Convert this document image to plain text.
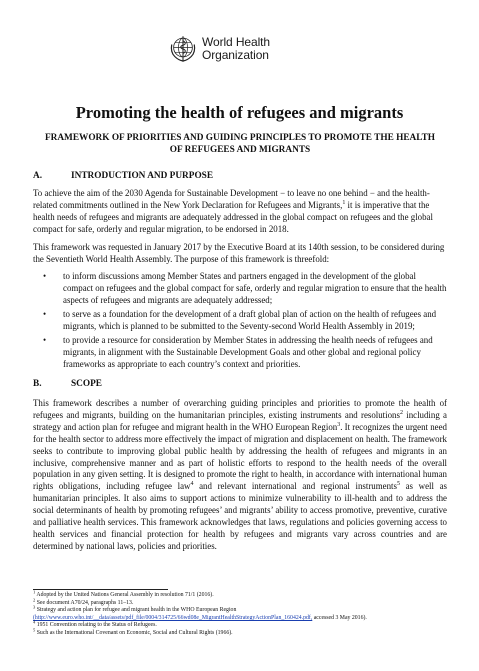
World Health
Organization
Promoting the health of refugees and migrants
FRAMEWORK OF PRIORITIES AND GUIDING PRINCIPLES TO PROMOTE THE HEALTH
OF REFUGEES AND MIGRANTS
A.	INTRODUCTION AND PURPOSE

To achieve the aim of the 2030 Agenda for Sustainable Development − to leave no one behind − and the health-related commitments outlined in the New York Declaration for Refugees and Migrants,$^1$ it is imperative that the health needs of refugees and migrants are adequately addressed in the global compact on refugees and the global compact for safe, orderly and regular migration, to be endorsed in 2018.

This framework was requested in January 2017 by the Executive Board at its 140th session, to be considered during the Seventieth World Health Assembly. The purpose of this framework is threefold:

• to inform discussions among Member States and partners engaged in the development of the global compact on refugees and the global compact for safe, orderly and regular migration to ensure that the health aspects of refugees and migrants are adequately addressed;
• to serve as a foundation for the development of a draft global plan of action on the health of refugees and migrants, which is planned to be submitted to the Seventy-second World Health Assembly in 2019;
• to provide a resource for consideration by Member States in addressing the health needs of refugees and migrants, in alignment with the Sustainable Development Goals and other global and regional policy frameworks as appropriate to each country’s context and priorities.
B.	SCOPE

This framework describes a number of overarching guiding principles and priorities to promote the health of refugees and migrants, building on the humanitarian principles, existing instruments and resolutions$^2$ including a strategy and action plan for refugee and migrant health in the WHO European Region$^3$. It recognizes the urgent need for the health sector to address more effectively the impact of migration and displacement on health. The framework seeks to contribute to improving global public health by addressing the health of refugees and migrants in an inclusive, comprehensive manner and as part of holistic efforts to respond to the health needs of the overall population in any given setting. It is designed to promote the right to health, in accordance with international human rights obligations, including refugee law$^4$ and relevant international and regional instruments$^5$ as well as humanitarian principles. It also aims to support actions to minimize vulnerability to ill-health and to address the social determinants of health by promoting refugees’ and migrants’ ability to access promotive, preventive, curative and palliative health services. This framework acknowledges that laws, regulations and policies governing access to health services and financial protection for health by refugees and migrants vary across countries and are determined by national laws, policies and priorities.

$^1$ Adopted by the United Nations General Assembly in resolution 71/1 (2016).
$^2$ See document A70/24, paragraphs 11–13.
$^3$ Strategy and action plan for refugee and migrant health in the WHO European Region
(http://www.euro.who.int/__data/assets/pdf_file/0004/314725/66wd08e_MigrantHealthStrategyActionPlan_160424.pdf, accessed 3 May 2016).
$^4$ 1951 Convention relating to the Status of Refugees.
$^5$ Such as the International Covenant on Economic, Social and Cultural Rights (1966).
